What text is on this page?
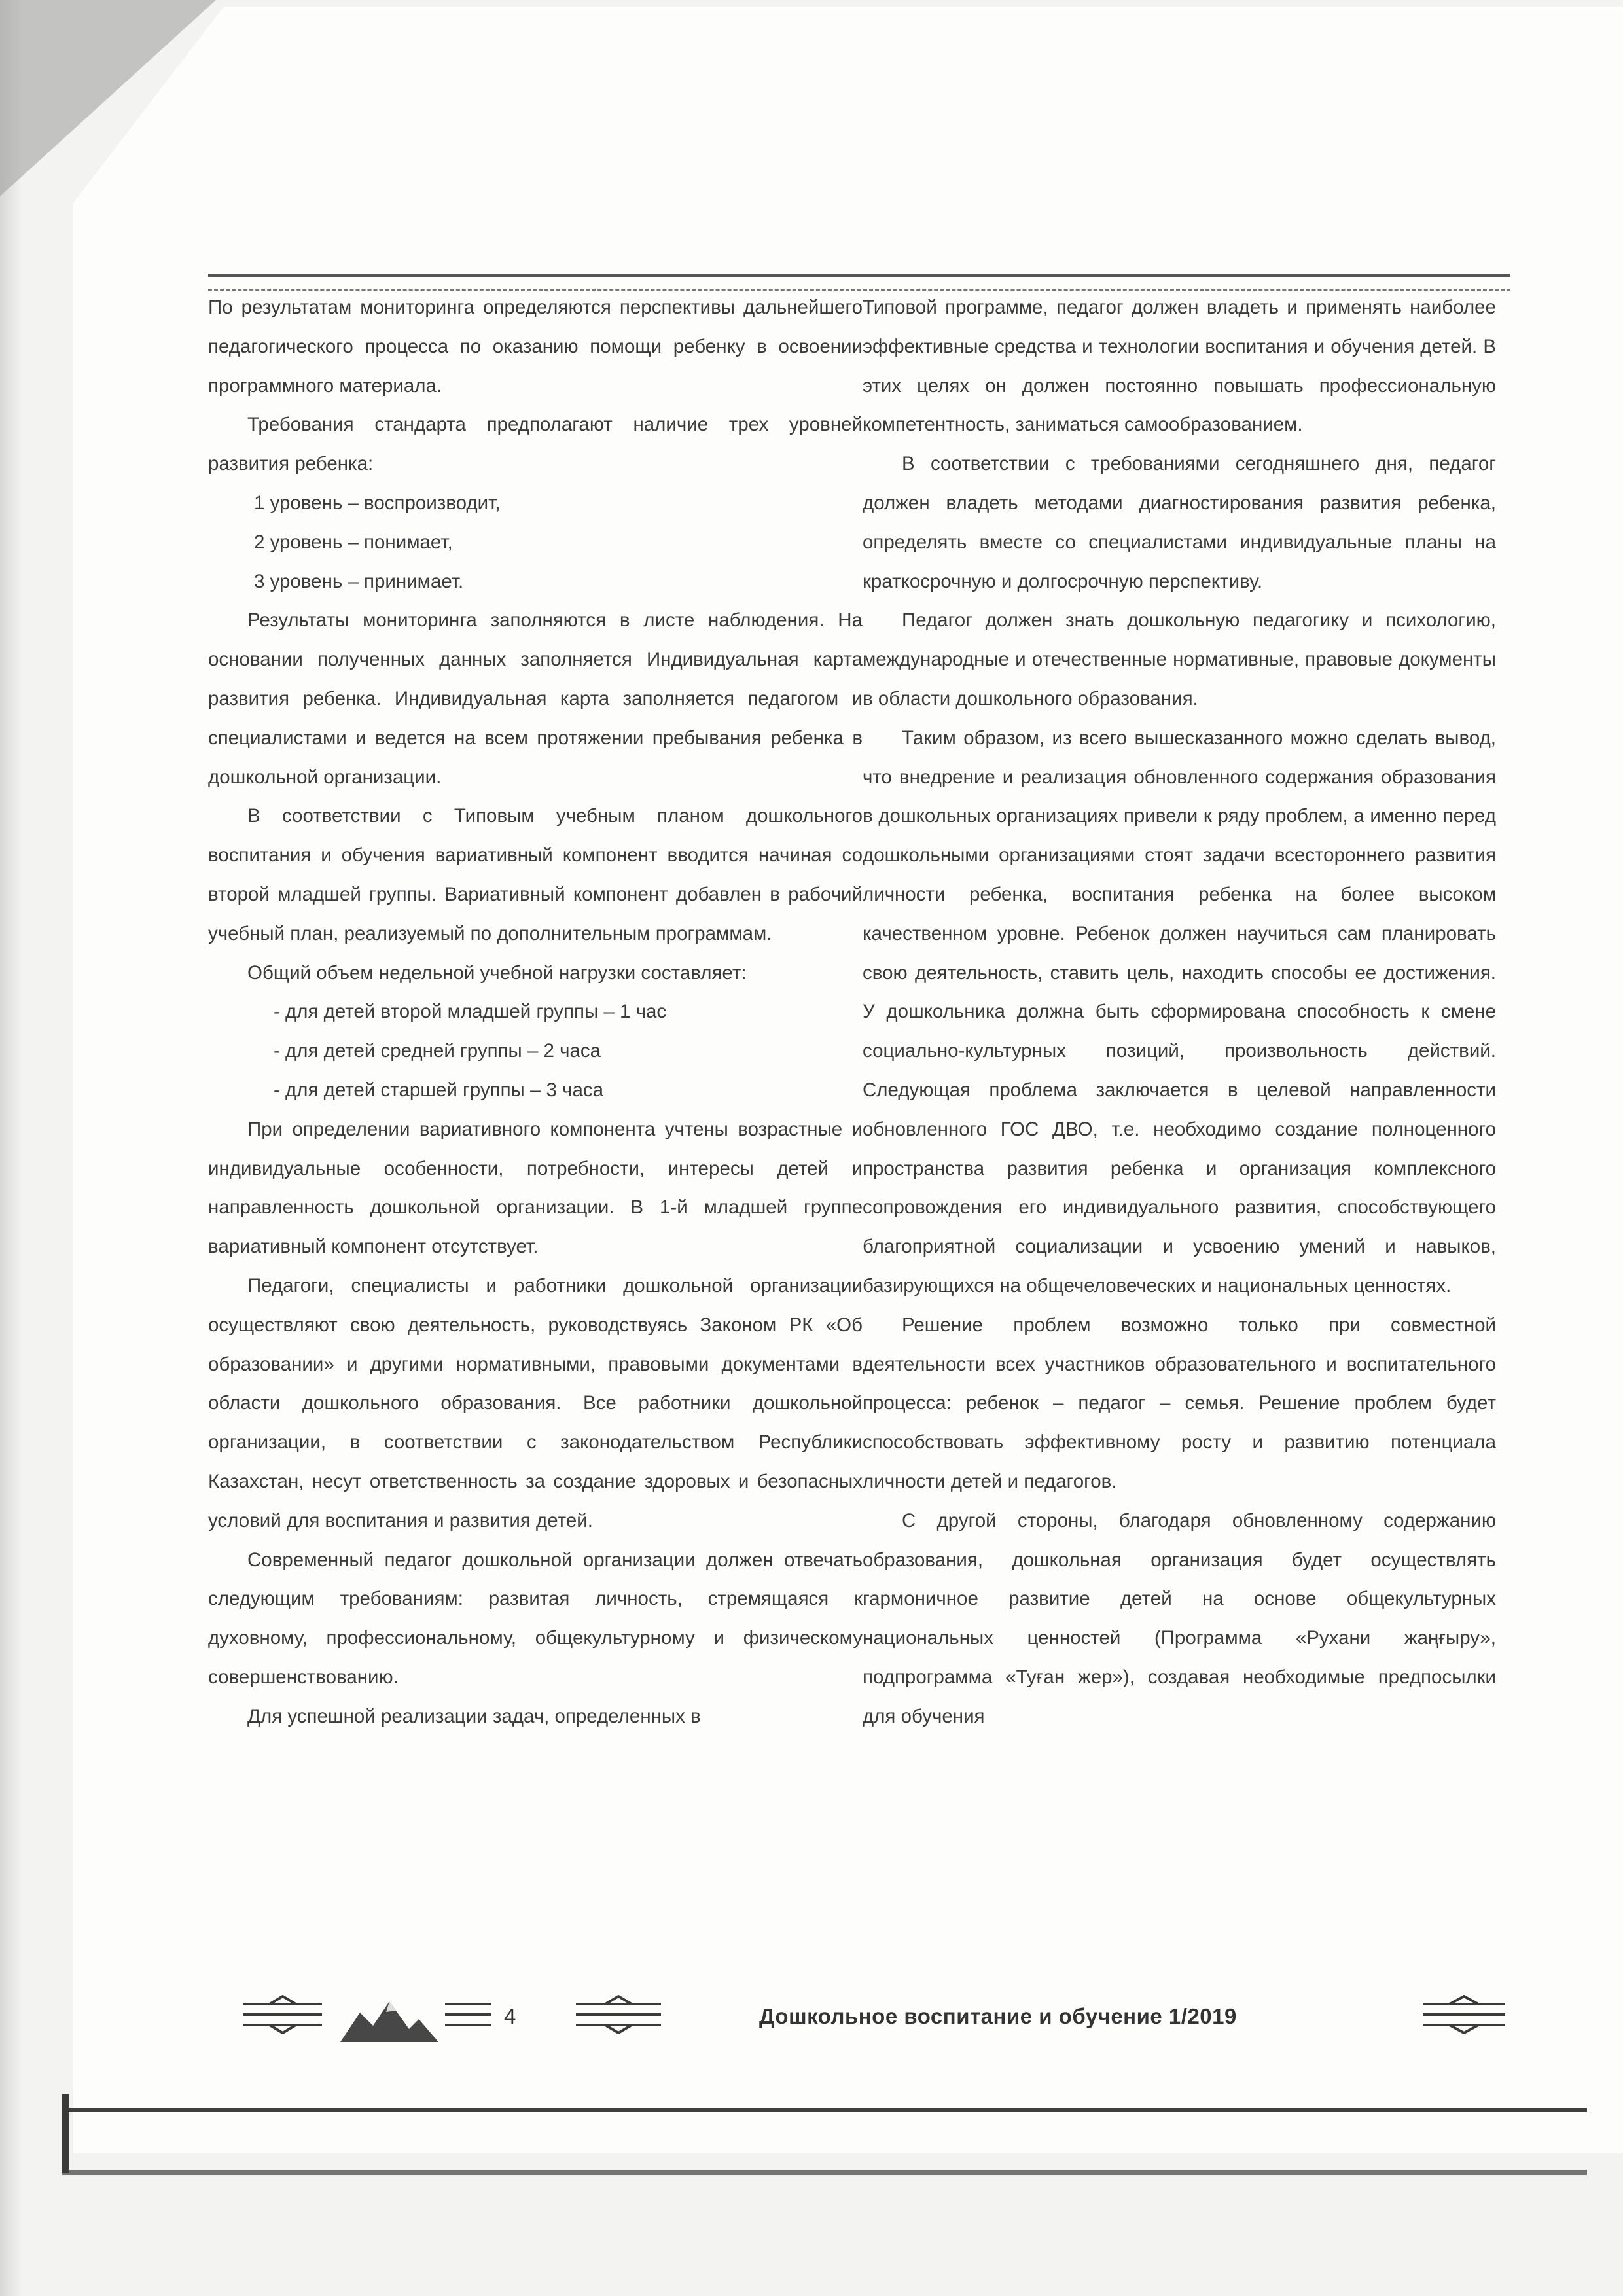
По результатам мониторинга определяются перспективы дальнейшего педагогического процесса по оказанию помощи ребенку в освоении программного материала.

Требования стандарта предполагают наличие трех уровней развития ребенка:

1 уровень – воспроизводит,

2 уровень – понимает,

3 уровень – принимает.

Результаты мониторинга заполняются в листе наблюдения. На основании полученных данных заполняется Индивидуальная карта развития ребенка. Индивидуальная карта заполняется педагогом и специалистами и ведется на всем протяжении пребывания ребенка в дошкольной организации.

В соответствии с Типовым учебным планом дошкольного воспитания и обучения вариативный компонент вводится начиная со второй младшей группы. Вариативный компонент добавлен в рабочий учебный план, реализуемый по дополнительным программам.

Общий объем недельной учебной нагрузки составляет:

- для детей второй младшей группы – 1 час

- для детей средней группы – 2 часа

- для детей старшей группы – 3 часа

При определении вариативного компонента учтены возрастные и индивидуальные особенности, потребности, интересы детей и направленность дошкольной организации. В 1-й младшей группе вариативный компонент отсутствует.

Педагоги, специалисты и работники дошкольной организации осуществляют свою деятельность, руководствуясь Законом РК «Об образовании» и другими нормативными, правовыми документами в области дошкольного образования. Все работники дошкольной организации, в соответствии с законодательством Республики Казахстан, несут ответственность за создание здоровых и безопасных условий для воспитания и развития детей.

Современный педагог дошкольной организации должен отвечать следующим требованиям: развитая личность, стремящаяся к духовному, профессиональному, общекультурному и физическому совершенствованию.

Для успешной реализации задач, определенных в

Типовой программе, педагог должен владеть и применять наиболее эффективные средства и технологии воспитания и обучения детей. В этих целях он должен постоянно повышать профессиональную компетентность, заниматься самообразованием.

В соответствии с требованиями сегодняшнего дня, педагог должен владеть методами диагностирования развития ребенка, определять вместе со специалистами индивидуальные планы на краткосрочную и долгосрочную перспективу.

Педагог должен знать дошкольную педагогику и психологию, международные и отечественные нормативные, правовые документы в области дошкольного образования.

Таким образом, из всего вышесказанного можно сделать вывод, что внедрение и реализация обновленного содержания образования в дошкольных организациях привели к ряду проблем, а именно перед дошкольными организациями стоят задачи всестороннего развития личности ребенка, воспитания ребенка на более высоком качественном уровне. Ребенок должен научиться сам планировать свою деятельность, ставить цель, находить способы ее достижения. У дошкольника должна быть сформирована способность к смене социально-культурных позиций, произвольность действий. Следующая проблема заключается в целевой направленности обновленного ГОС ДВО, т.е. необходимо создание полноценного пространства развития ребенка и организация комплексного сопровождения его индивидуального развития, способствующего благоприятной социализации и усвоению умений и навыков, базирующихся на общечеловеческих и национальных ценностях.

Решение проблем возможно только при совместной деятельности всех участников образовательного и воспитательного процесса: ребенок – педагог – семья. Решение проблем будет способствовать эффективному росту и развитию потенциала личности детей и педагогов.

С другой стороны, благодаря обновленному содержанию образования, дошкольная организация будет осуществлять гармоничное развитие детей на основе общекультурных национальных ценностей (Программа «Рухани жаңғыру», подпрограмма «Туған жер»), создавая необходимые предпосылки для обучения

4	Дошкольное воспитание и обучение 1/2019
